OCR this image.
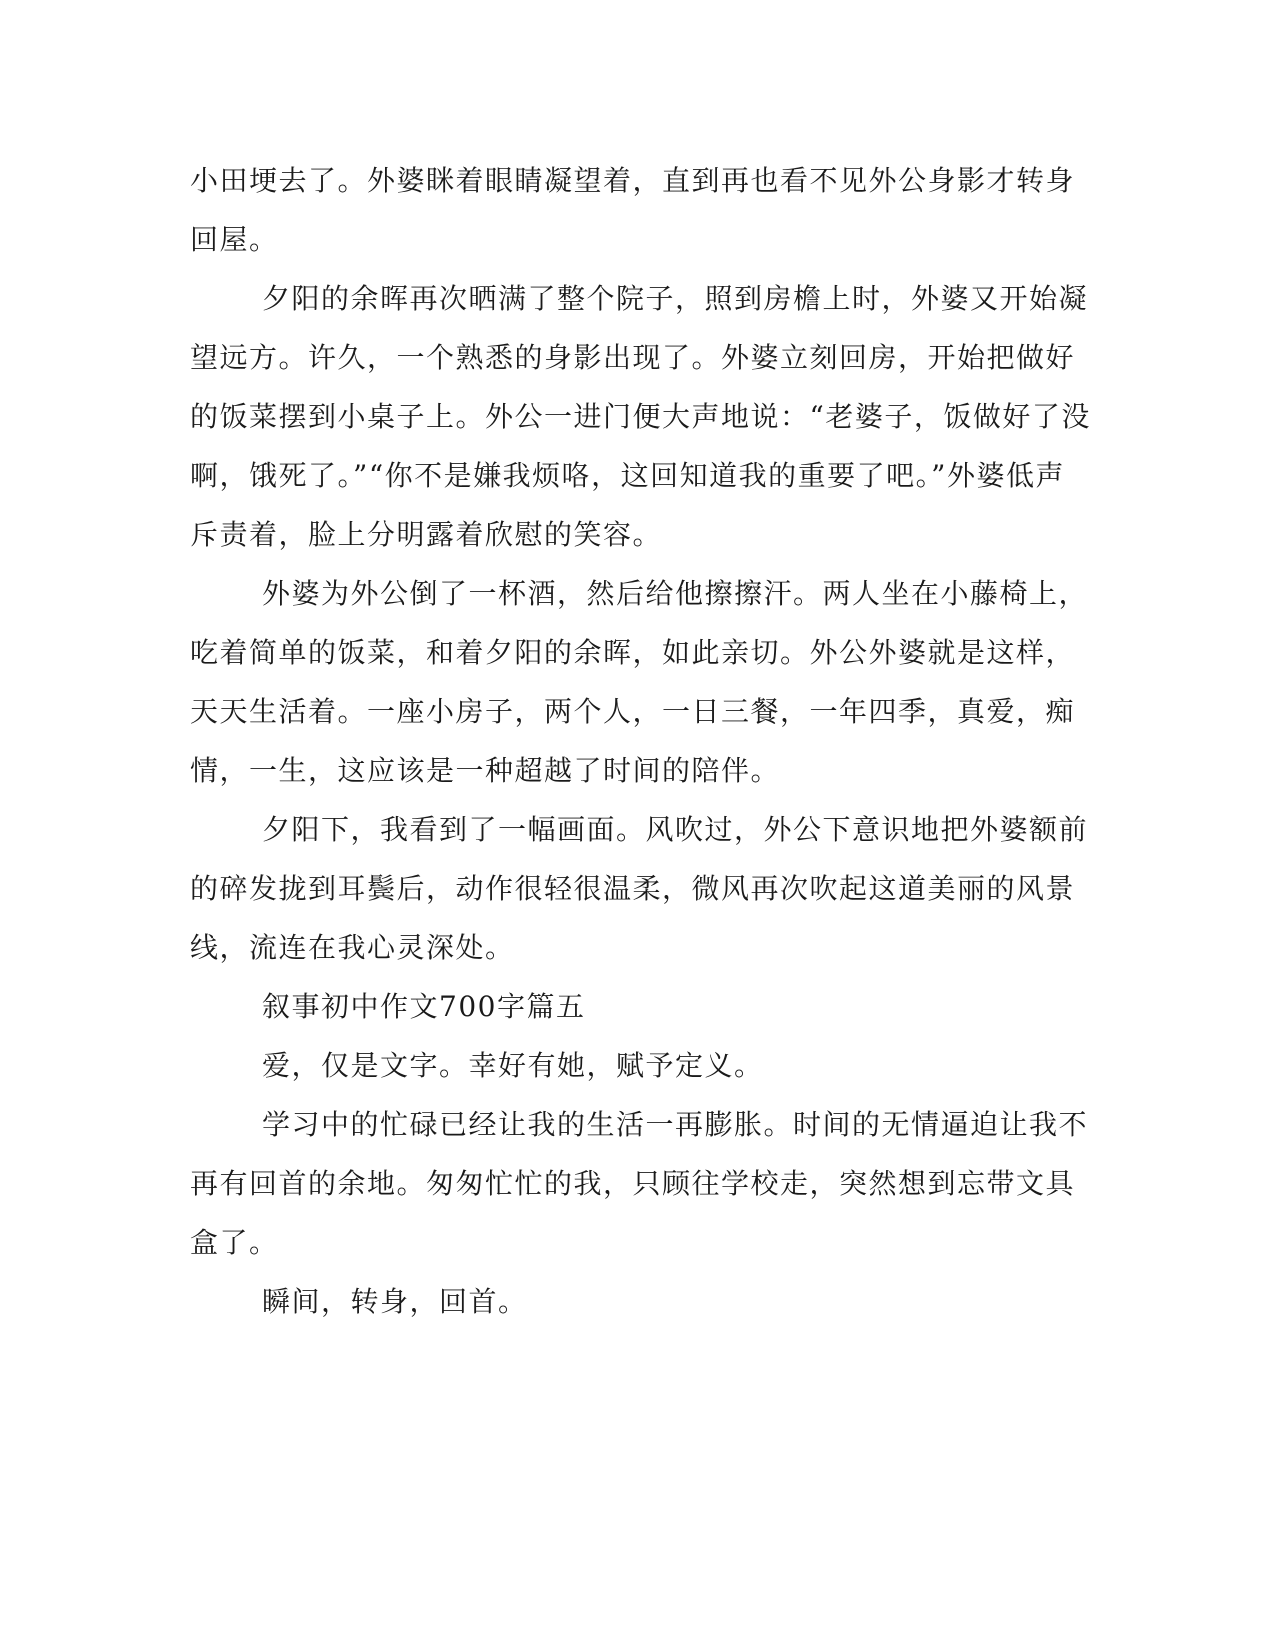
小田埂去了。外婆眯着眼睛凝望着，直到再也看不见外公身影才转身
回屋。
夕阳的余晖再次晒满了整个院子，照到房檐上时，外婆又开始凝
望远方。许久，一个熟悉的身影出现了。外婆立刻回房，开始把做好
的饭菜摆到小桌子上。外公一进门便大声地说：“老婆子，饭做好了没
啊，饿死了。”“你不是嫌我烦咯，这回知道我的重要了吧。”外婆低声
斥责着，脸上分明露着欣慰的笑容。
外婆为外公倒了一杯酒，然后给他擦擦汗。两人坐在小藤椅上，
吃着简单的饭菜，和着夕阳的余晖，如此亲切。外公外婆就是这样，
天天生活着。一座小房子，两个人，一日三餐，一年四季，真爱，痴
情，一生，这应该是一种超越了时间的陪伴。
夕阳下，我看到了一幅画面。风吹过，外公下意识地把外婆额前
的碎发拢到耳鬓后，动作很轻很温柔，微风再次吹起这道美丽的风景
线，流连在我心灵深处。
叙事初中作文700字篇五
爱，仅是文字。幸好有她，赋予定义。
学习中的忙碌已经让我的生活一再膨胀。时间的无情逼迫让我不
再有回首的余地。匆匆忙忙的我，只顾往学校走，突然想到忘带文具
盒了。
瞬间，转身，回首。
